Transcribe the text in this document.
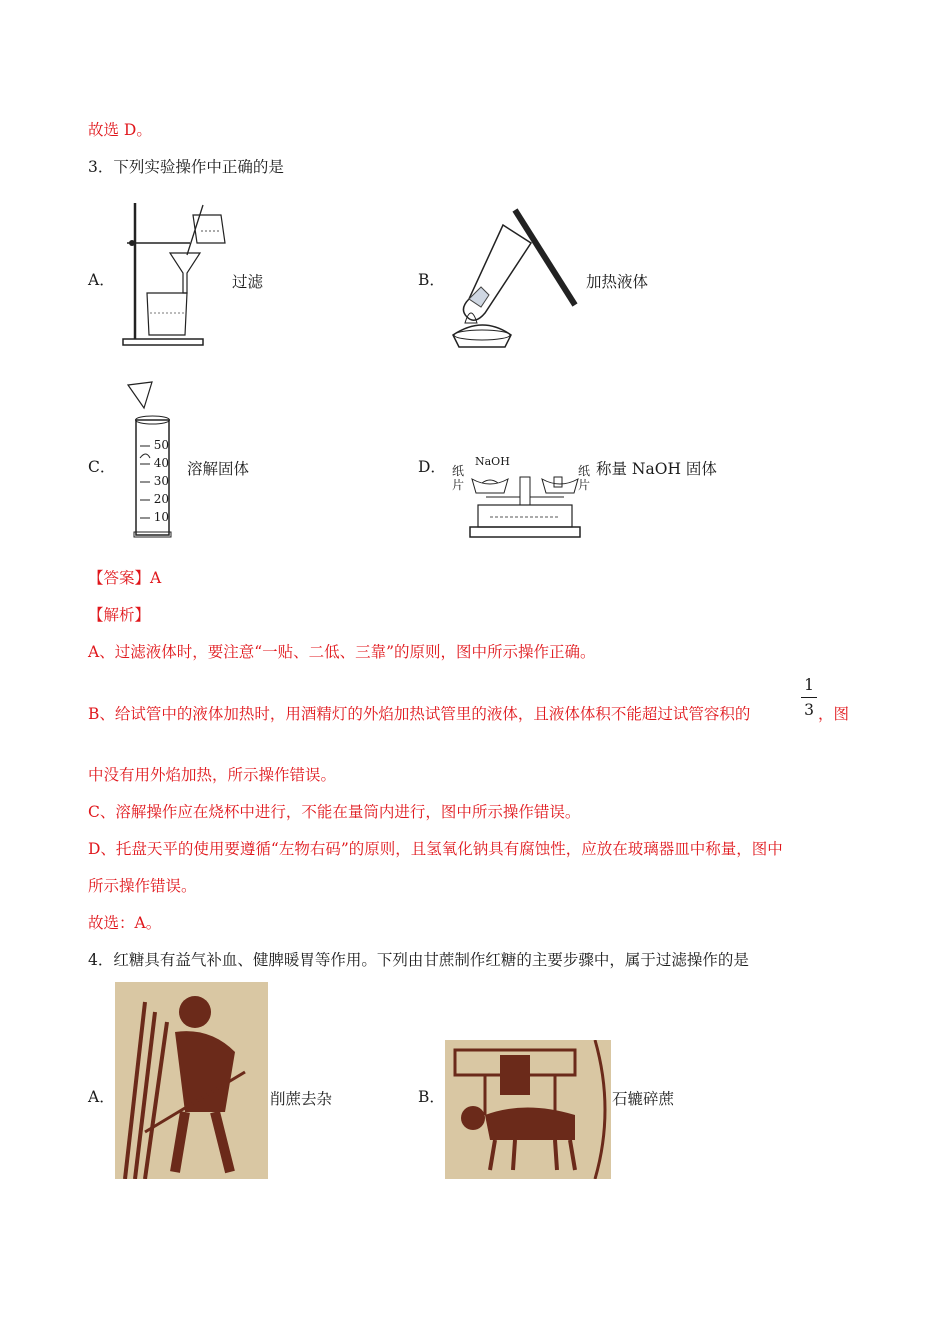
故选 D。
3．下列实验操作中正确的是
A．	过滤	B．	加热液体
C．
50
40
30
20
10
溶解固体	D．	NaOH
纸片
纸片
称量 NaOH 固体
【答案】A
【解析】
A、过滤液体时，要注意“一贴、二低、三靠”的原则，图中所示操作正确。
B、给试管中的液体加热时，用酒精灯的外焰加热试管里的液体，且液体体积不能超过试管容积的
1
3 ，图
中没有用外焰加热，所示操作错误。
C、溶解操作应在烧杯中进行，不能在量筒内进行，图中所示操作错误。
D、托盘天平的使用要遵循“左物右码”的原则，且氢氧化钠具有腐蚀性，应放在玻璃器皿中称量，图中
所示操作错误。
故选：A。
4．红糖具有益气补血、健脾暖胃等作用。下列由甘蔗制作红糖的主要步骤中，属于过滤操作的是
A．	削蔗去杂	B．	石辘碎蔗
